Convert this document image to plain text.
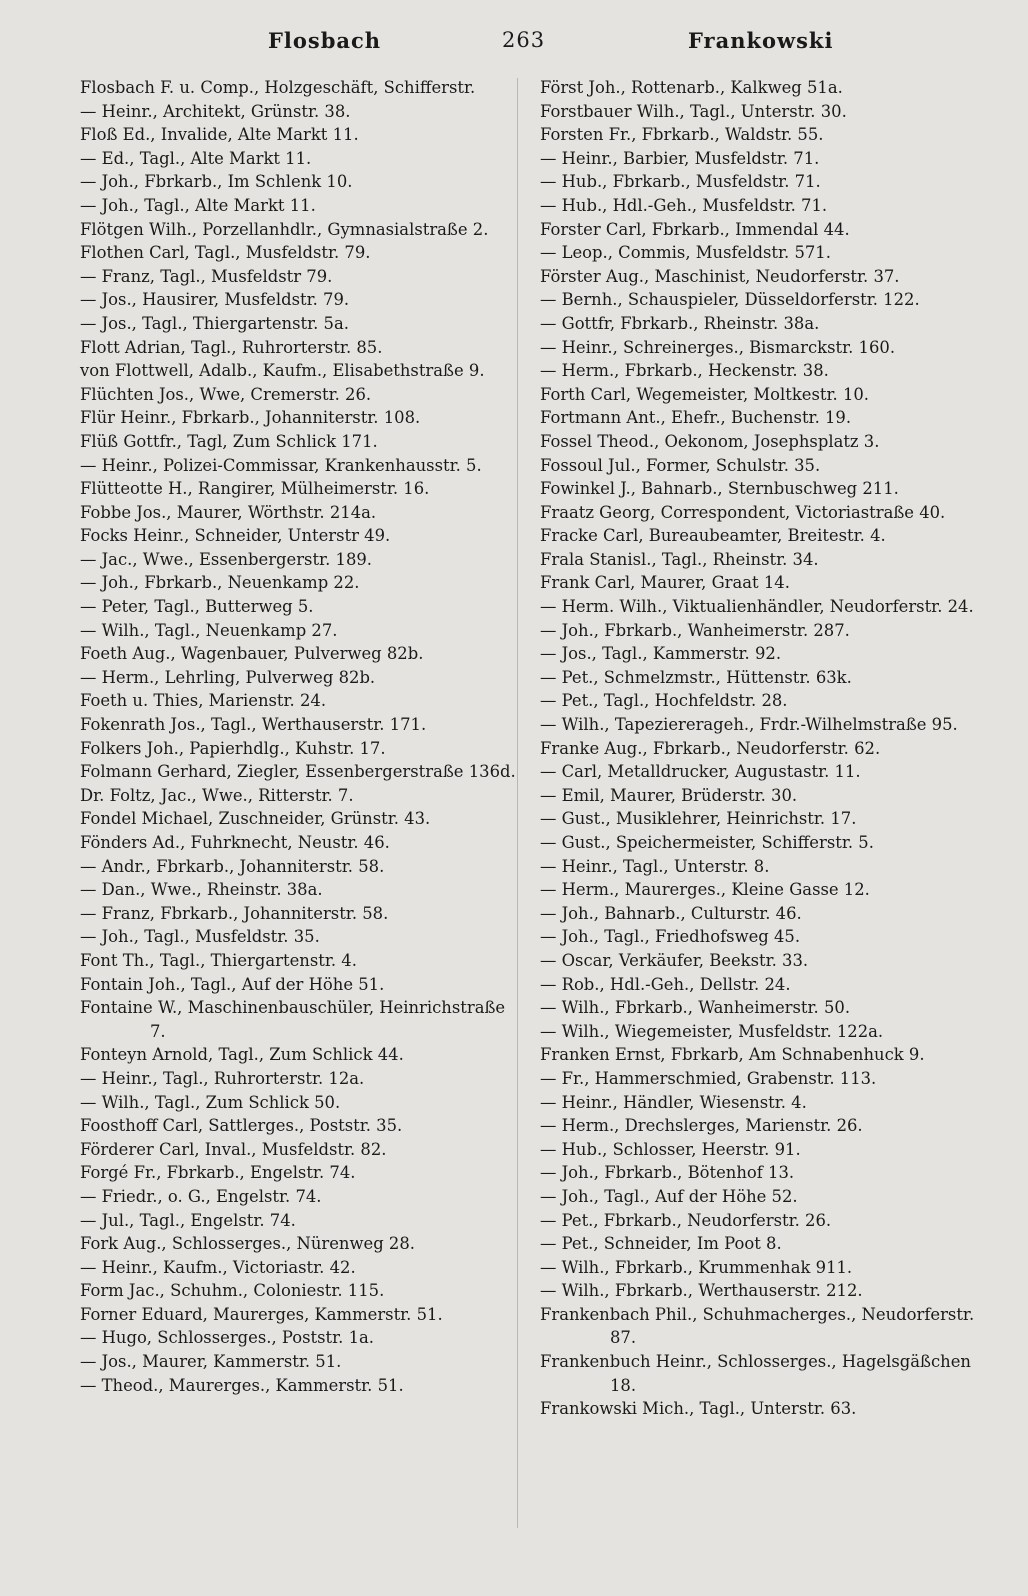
Flosbach	263	Frankowski
Flosbach F. u. Comp., Holzgeschäft, Schifferstr.
— Heinr., Architekt, Grünstr. 38.
Floß Ed., Invalide, Alte Markt 11.
— Ed., Tagl., Alte Markt 11.
— Joh., Fbrkarb., Im Schlenk 10.
— Joh., Tagl., Alte Markt 11.
Flötgen Wilh., Porzellanhdlr., Gymnasialstraße 2.
Flothen Carl, Tagl., Musfeldstr. 79.
— Franz, Tagl., Musfeldstr 79.
— Jos., Hausirer, Musfeldstr. 79.
— Jos., Tagl., Thiergartenstr. 5a.
Flott Adrian, Tagl., Ruhrorterstr. 85.
von Flottwell, Adalb., Kaufm., Elisabethstraße 9.
Flüchten Jos., Wwe, Cremerstr. 26.
Flür Heinr., Fbrkarb., Johanniterstr. 108.
Flüß Gottfr., Tagl, Zum Schlick 171.
— Heinr., Polizei-Commissar, Krankenhausstr. 5.
Flütteotte H., Rangirer, Mülheimerstr. 16.
Fobbe Jos., Maurer, Wörthstr. 214a.
Focks Heinr., Schneider, Unterstr 49.
— Jac., Wwe., Essenbergerstr. 189.
— Joh., Fbrkarb., Neuenkamp 22.
— Peter, Tagl., Butterweg 5.
— Wilh., Tagl., Neuenkamp 27.
Foeth Aug., Wagenbauer, Pulverweg 82b.
— Herm., Lehrling, Pulverweg 82b.
Foeth u. Thies, Marienstr. 24.
Fokenrath Jos., Tagl., Werthauserstr. 171.
Folkers Joh., Papierhdlg., Kuhstr. 17.
Folmann Gerhard, Ziegler, Essenbergerstraße 136d.
Dr. Foltz, Jac., Wwe., Ritterstr. 7.
Fondel Michael, Zuschneider, Grünstr. 43.
Fönders Ad., Fuhrknecht, Neustr. 46.
— Andr., Fbrkarb., Johanniterstr. 58.
— Dan., Wwe., Rheinstr. 38a.
— Franz, Fbrkarb., Johanniterstr. 58.
— Joh., Tagl., Musfeldstr. 35.
Font Th., Tagl., Thiergartenstr. 4.
Fontain Joh., Tagl., Auf der Höhe 51.
Fontaine W., Maschinenbauschüler, Heinrichstraße 7.
Fonteyn Arnold, Tagl., Zum Schlick 44.
— Heinr., Tagl., Ruhrorterstr. 12a.
— Wilh., Tagl., Zum Schlick 50.
Foosthoff Carl, Sattlerges., Poststr. 35.
Förderer Carl, Inval., Musfeldstr. 82.
Forgé Fr., Fbrkarb., Engelstr. 74.
— Friedr., o. G., Engelstr. 74.
— Jul., Tagl., Engelstr. 74.
Fork Aug., Schlosserges., Nürenweg 28.
— Heinr., Kaufm., Victoriastr. 42.
Form Jac., Schuhm., Coloniestr. 115.
Forner Eduard, Maurerges, Kammerstr. 51.
— Hugo, Schlosserges., Poststr. 1a.
— Jos., Maurer, Kammerstr. 51.
— Theod., Maurerges., Kammerstr. 51.
Först Joh., Rottenarb., Kalkweg 51a.
Forstbauer Wilh., Tagl., Unterstr. 30.
Forsten Fr., Fbrkarb., Waldstr. 55.
— Heinr., Barbier, Musfeldstr. 71.
— Hub., Fbrkarb., Musfeldstr. 71.
— Hub., Hdl.-Geh., Musfeldstr. 71.
Forster Carl, Fbrkarb., Immendal 44.
— Leop., Commis, Musfeldstr. 571.
Förster Aug., Maschinist, Neudorferstr. 37.
— Bernh., Schauspieler, Düsseldorferstr. 122.
— Gottfr, Fbrkarb., Rheinstr. 38a.
— Heinr., Schreinerges., Bismarckstr. 160.
— Herm., Fbrkarb., Heckenstr. 38.
Forth Carl, Wegemeister, Moltkestr. 10.
Fortmann Ant., Ehefr., Buchenstr. 19.
Fossel Theod., Oekonom, Josephsplatz 3.
Fossoul Jul., Former, Schulstr. 35.
Fowinkel J., Bahnarb., Sternbuschweg 211.
Fraatz Georg, Correspondent, Victoriastraße 40.
Fracke Carl, Bureaubeamter, Breitestr. 4.
Frala Stanisl., Tagl., Rheinstr. 34.
Frank Carl, Maurer, Graat 14.
— Herm. Wilh., Viktualienhändler, Neudorferstr. 24.
— Joh., Fbrkarb., Wanheimerstr. 287.
— Jos., Tagl., Kammerstr. 92.
— Pet., Schmelzmstr., Hüttenstr. 63k.
— Pet., Tagl., Hochfeldstr. 28.
— Wilh., Tapeziererageh., Frdr.-Wilhelmstraße 95.
Franke Aug., Fbrkarb., Neudorferstr. 62.
— Carl, Metalldrucker, Augustastr. 11.
— Emil, Maurer, Brüderstr. 30.
— Gust., Musiklehrer, Heinrichstr. 17.
— Gust., Speichermeister, Schifferstr. 5.
— Heinr., Tagl., Unterstr. 8.
— Herm., Maurerges., Kleine Gasse 12.
— Joh., Bahnarb., Culturstr. 46.
— Joh., Tagl., Friedhofsweg 45.
— Oscar, Verkäufer, Beekstr. 33.
— Rob., Hdl.-Geh., Dellstr. 24.
— Wilh., Fbrkarb., Wanheimerstr. 50.
— Wilh., Wiegemeister, Musfeldstr. 122a.
Franken Ernst, Fbrkarb, Am Schnabenhuck 9.
— Fr., Hammerschmied, Grabenstr. 113.
— Heinr., Händler, Wiesenstr. 4.
— Herm., Drechslerges, Marienstr. 26.
— Hub., Schlosser, Heerstr. 91.
— Joh., Fbrkarb., Bötenhof 13.
— Joh., Tagl., Auf der Höhe 52.
— Pet., Fbrkarb., Neudorferstr. 26.
— Pet., Schneider, Im Poot 8.
— Wilh., Fbrkarb., Krummenhak 911.
— Wilh., Fbrkarb., Werthauserstr. 212.
Frankenbach Phil., Schuhmacherges., Neudorferstr. 87.
Frankenbuch Heinr., Schlosserges., Hagelsgäßchen 18.
Frankowski Mich., Tagl., Unterstr. 63.
